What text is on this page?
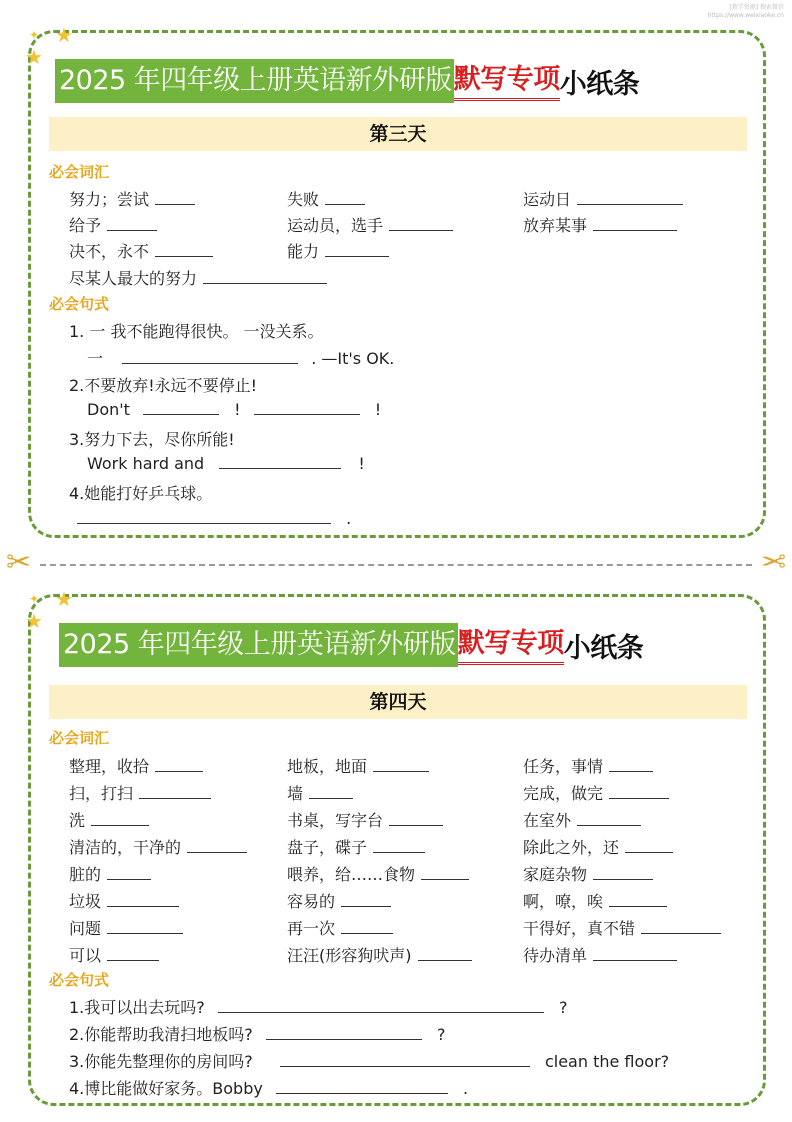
[教学资源] 搜索微信 https://www.weixiaoke.cn
★
★
✦
2025 年四年级上册英语新外研版 默写专项 小纸条
第三天
必会词汇
努力；尝试	失败	运动日
给予	运动员，选手	放弃某事
决不，永不	能力
尽某人最大的努力
必会句式
1. 一 我不能跑得很快。 一没关系。
一	. —It's OK.
2.不要放弃!永远不要停止!
Don't	!	!
3.努力下去，尽你所能!
Work hard and	!
4.她能打好乒乓球。
.
✂	✂
★
★
✦
2025 年四年级上册英语新外研版 默写专项 小纸条
第四天
必会词汇
整理，收拾	地板，地面	任务，事情
扫，打扫	墙	完成，做完
洗	书桌，写字台	在室外
清洁的，干净的	盘子，碟子	除此之外，还
脏的	喂养，给……食物	家庭杂物
垃圾	容易的	啊，嘹，唉
问题	再一次	干得好，真不错
可以	汪汪(形容狗吠声)	待办清单
必会句式
1.我可以出去玩吗?	?
2.你能帮助我清扫地板吗?	?
3.你能先整理你的房间吗?	clean the floor?
4.博比能做好家务。Bobby	.
